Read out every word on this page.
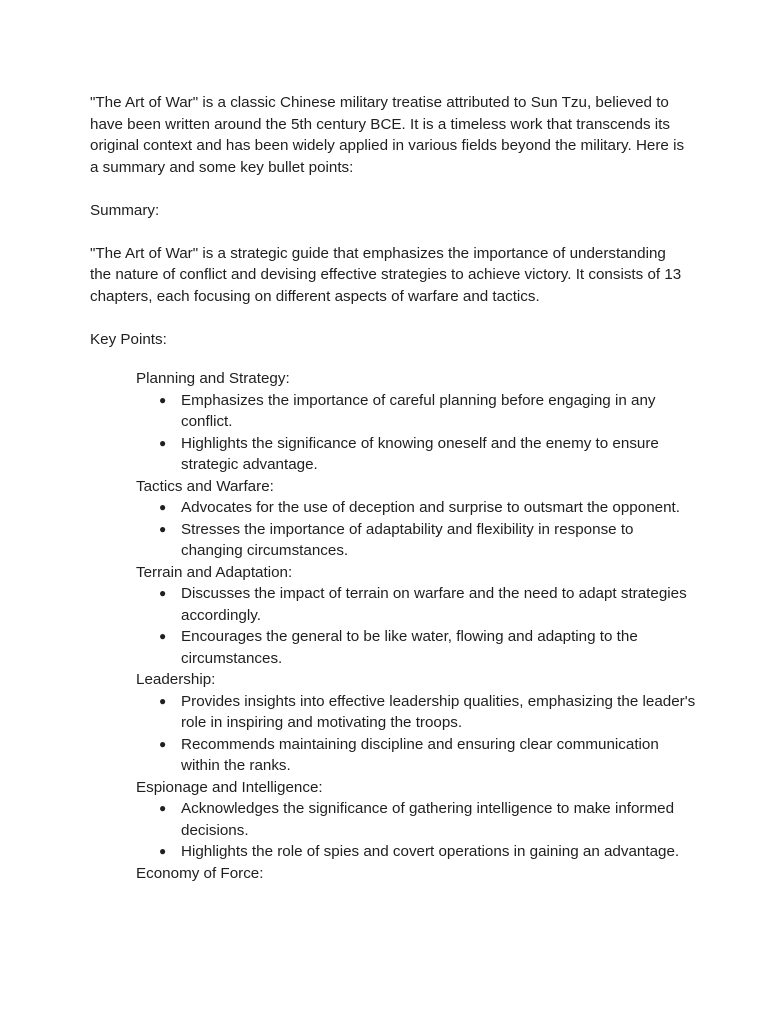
"The Art of War" is a classic Chinese military treatise attributed to Sun Tzu, believed to have been written around the 5th century BCE. It is a timeless work that transcends its original context and has been widely applied in various fields beyond the military. Here is a summary and some key bullet points:

Summary:

"The Art of War" is a strategic guide that emphasizes the importance of understanding the nature of conflict and devising effective strategies to achieve victory. It consists of 13 chapters, each focusing on different aspects of warfare and tactics.

Key Points:

Planning and Strategy:

● Emphasizes the importance of careful planning before engaging in any conflict.
● Highlights the significance of knowing oneself and the enemy to ensure strategic advantage.

Tactics and Warfare:

● Advocates for the use of deception and surprise to outsmart the opponent.
● Stresses the importance of adaptability and flexibility in response to changing circumstances.

Terrain and Adaptation:

● Discusses the impact of terrain on warfare and the need to adapt strategies accordingly.
● Encourages the general to be like water, flowing and adapting to the circumstances.

Leadership:

● Provides insights into effective leadership qualities, emphasizing the leader's role in inspiring and motivating the troops.
● Recommends maintaining discipline and ensuring clear communication within the ranks.

Espionage and Intelligence:

● Acknowledges the significance of gathering intelligence to make informed decisions.
● Highlights the role of spies and covert operations in gaining an advantage.

Economy of Force:
